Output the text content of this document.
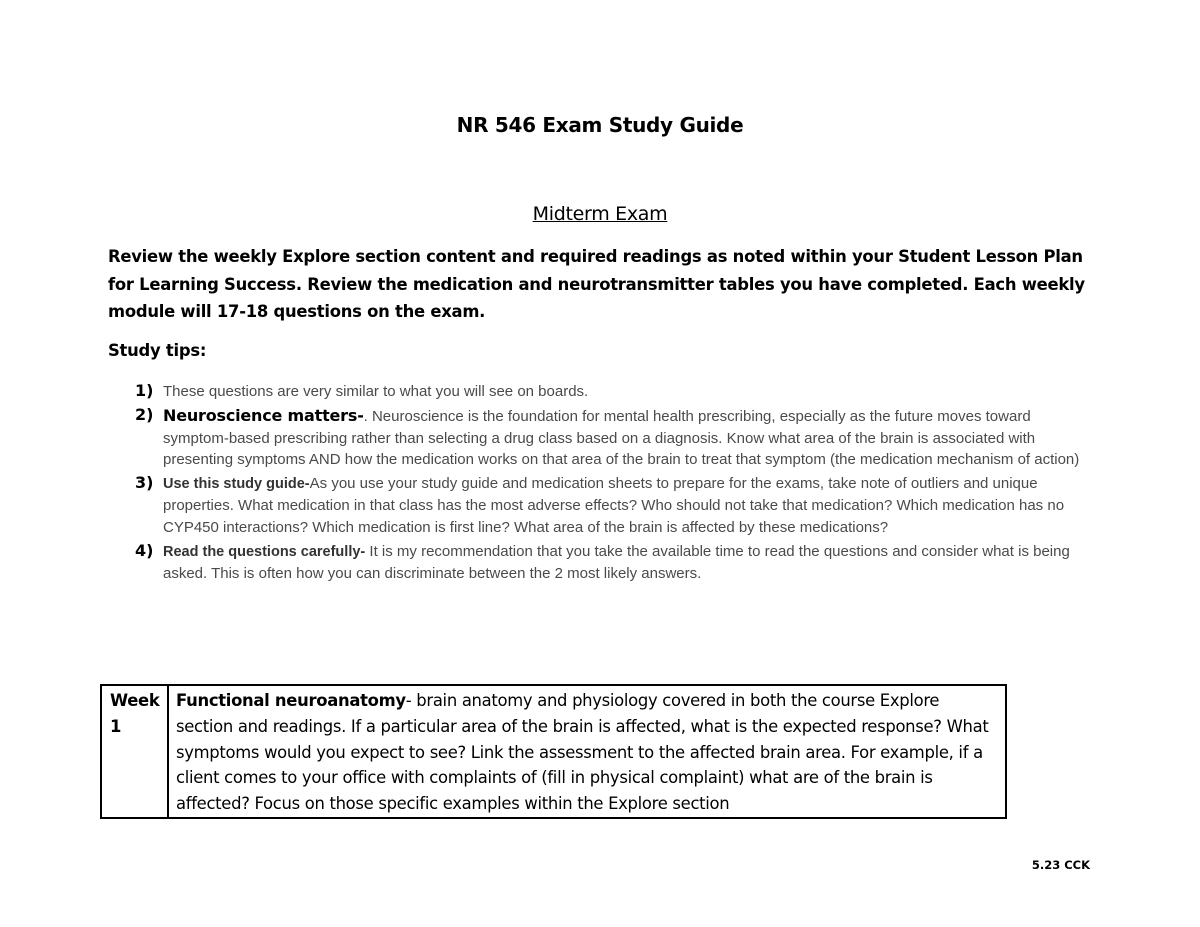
NR 546 Exam Study Guide
Midterm Exam

Review the weekly Explore section content and required readings as noted within your Student Lesson Plan for Learning Success. Review the medication and neurotransmitter tables you have completed. Each weekly module will 17-18 questions on the exam.

Study tips:
1) These questions are very similar to what you will see on boards.
2) Neuroscience matters-. Neuroscience is the foundation for mental health prescribing, especially as the future moves toward symptom-based prescribing rather than selecting a drug class based on a diagnosis. Know what area of the brain is associated with presenting symptoms AND how the medication works on that area of the brain to treat that symptom (the medication mechanism of action)
3) Use this study guide-As you use your study guide and medication sheets to prepare for the exams, take note of outliers and unique properties. What medication in that class has the most adverse effects? Who should not take that medication? Which medication has no CYP450 interactions? Which medication is first line? What area of the brain is affected by these medications?
4) Read the questions carefully- It is my recommendation that you take the available time to read the questions and consider what is being asked. This is often how you can discriminate between the 2 most likely answers.
Week 1	Functional neuroanatomy- brain anatomy and physiology covered in both the course Explore section and readings. If a particular area of the brain is affected, what is the expected response? What symptoms would you expect to see? Link the assessment to the affected brain area. For example, if a client comes to your office with complaints of (fill in physical complaint) what are of the brain is affected? Focus on those specific examples within the Explore section
5.23 CCK
